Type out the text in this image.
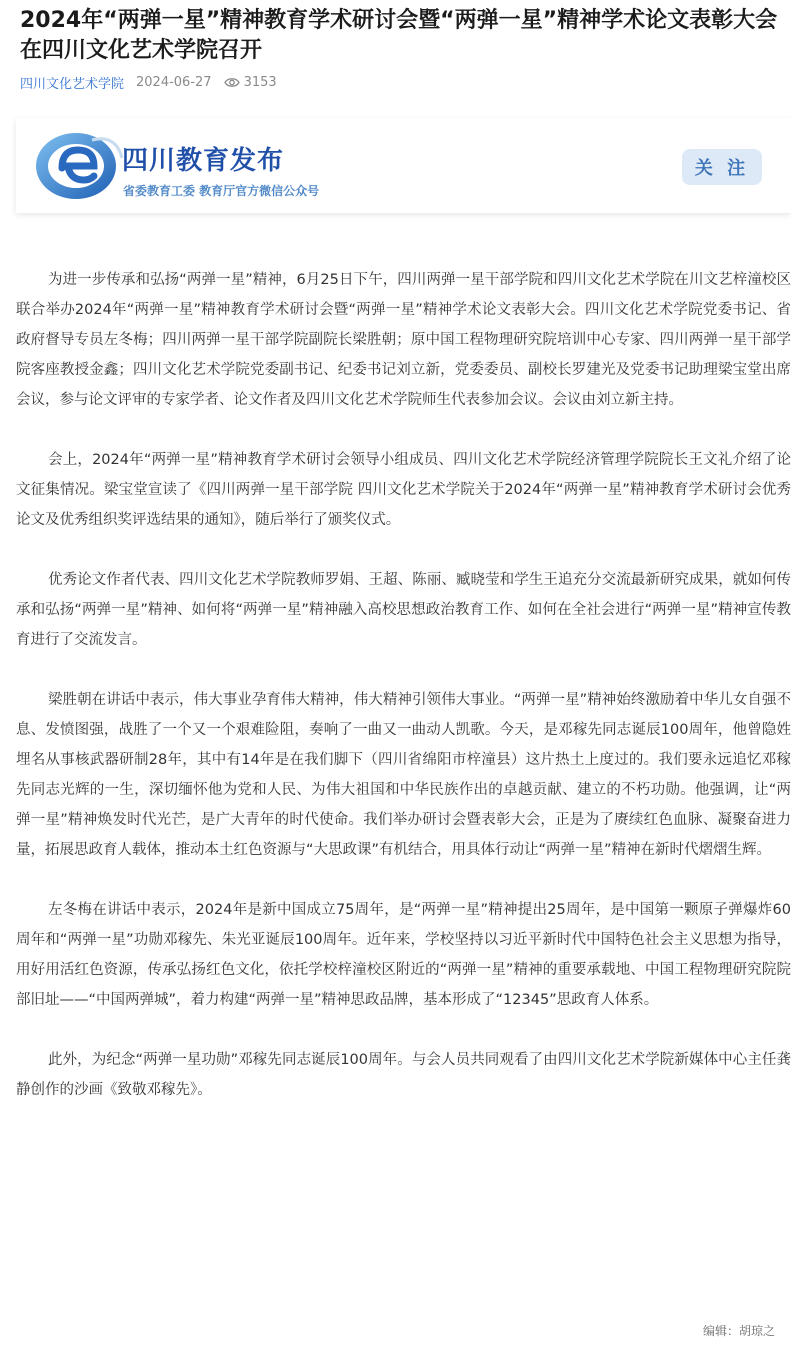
2024年“两弹一星”精神教育学术研讨会暨“两弹一星”精神学术论文表彰大会在四川文化艺术学院召开
四川文化艺术学院 2024-06-27 3153
四川教育发布
省委教育工委 教育厅官方微信公众号
关 注

为进一步传承和弘扬“两弹一星”精神，6月25日下午，四川两弹一星干部学院和四川文化艺术学院在川文艺梓潼校区联合举办2024年“两弹一星”精神教育学术研讨会暨“两弹一星”精神学术论文表彰大会。四川文化艺术学院党委书记、省政府督导专员左冬梅；四川两弹一星干部学院副院长梁胜朝；原中国工程物理研究院培训中心专家、四川两弹一星干部学院客座教授金鑫；四川文化艺术学院党委副书记、纪委书记刘立新，党委委员、副校长罗建光及党委书记助理梁宝堂出席会议，参与论文评审的专家学者、论文作者及四川文化艺术学院师生代表参加会议。会议由刘立新主持。

会上，2024年“两弹一星”精神教育学术研讨会领导小组成员、四川文化艺术学院经济管理学院院长王文礼介绍了论文征集情况。梁宝堂宣读了《四川两弹一星干部学院 四川文化艺术学院关于2024年“两弹一星”精神教育学术研讨会优秀论文及优秀组织奖评选结果的通知》，随后举行了颁奖仪式。

优秀论文作者代表、四川文化艺术学院教师罗娟、王超、陈丽、臧晓莹和学生王追充分交流最新研究成果，就如何传承和弘扬“两弹一星”精神、如何将“两弹一星”精神融入高校思想政治教育工作、如何在全社会进行“两弹一星”精神宣传教育进行了交流发言。

梁胜朝在讲话中表示，伟大事业孕育伟大精神，伟大精神引领伟大事业。“两弹一星”精神始终激励着中华儿女自强不息、发愤图强，战胜了一个又一个艰难险阻，奏响了一曲又一曲动人凯歌。今天，是邓稼先同志诞辰100周年，他曾隐姓埋名从事核武器研制28年，其中有14年是在我们脚下（四川省绵阳市梓潼县）这片热土上度过的。我们要永远追忆邓稼先同志光辉的一生，深切缅怀他为党和人民、为伟大祖国和中华民族作出的卓越贡献、建立的不朽功勋。他强调，让“两弹一星”精神焕发时代光芒，是广大青年的时代使命。我们举办研讨会暨表彰大会，正是为了赓续红色血脉、凝聚奋进力量，拓展思政育人载体，推动本土红色资源与“大思政课”有机结合，用具体行动让“两弹一星”精神在新时代熠熠生辉。

左冬梅在讲话中表示，2024年是新中国成立75周年，是“两弹一星”精神提出25周年，是中国第一颗原子弹爆炸60周年和“两弹一星”功勋邓稼先、朱光亚诞辰100周年。近年来，学校坚持以习近平新时代中国特色社会主义思想为指导，用好用活红色资源，传承弘扬红色文化，依托学校梓潼校区附近的“两弹一星”精神的重要承载地、中国工程物理研究院院部旧址——“中国两弹城”，着力构建“两弹一星”精神思政品牌，基本形成了“12345”思政育人体系。

此外，为纪念“两弹一星功勋”邓稼先同志诞辰100周年。与会人员共同观看了由四川文化艺术学院新媒体中心主任龚静创作的沙画《致敬邓稼先》。

编辑：胡琼之
